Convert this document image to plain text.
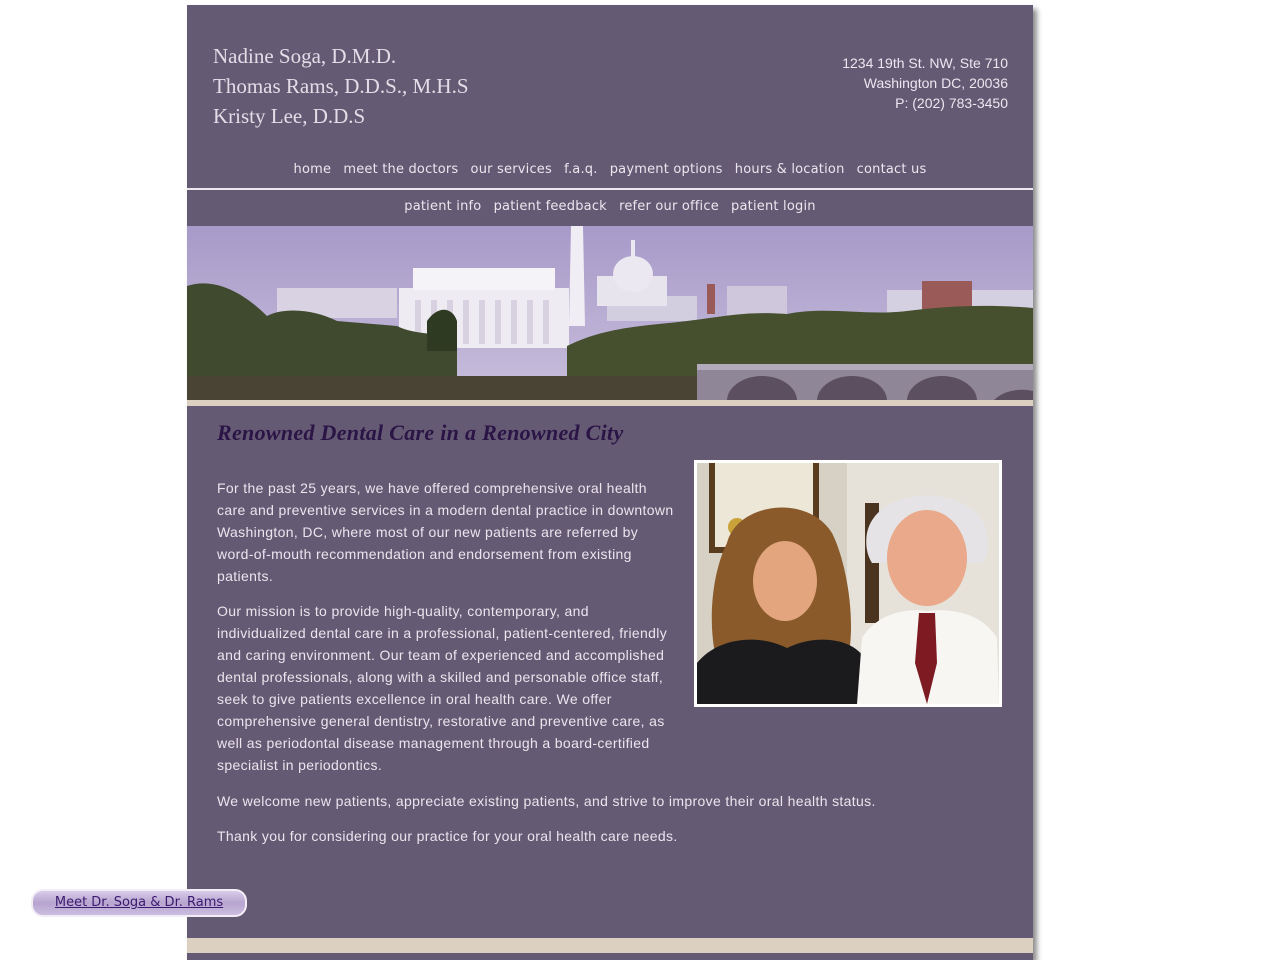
Nadine Soga, D.M.D.
Thomas Rams, D.D.S., M.H.S
Kristy Lee, D.D.S
1234 19th St. NW, Ste 710
Washington DC, 20036
P: (202) 783-3450
home meet the doctors our services f.a.q. payment options hours & location contact us
patient info patient feedback refer our office patient login
Renowned Dental Care in a Renowned City

For the past 25 years, we have offered comprehensive oral health care and preventive services in a modern dental practice in downtown Washington, DC, where most of our new patients are referred by word-of-mouth recommendation and endorsement from existing patients.

Our mission is to provide high-quality, contemporary, and individualized dental care in a professional, patient-centered, friendly and caring environment. Our team of experienced and accomplished dental professionals, along with a skilled and personable office staff, seek to give patients excellence in oral health care. We offer comprehensive general dentistry, restorative and preventive care, as well as periodontal disease management through a board-certified specialist in periodontics.

We welcome new patients, appreciate existing patients, and strive to improve their oral health status.

Thank you for considering our practice for your oral health care needs.

Meet Dr. Soga & Dr. Rams
